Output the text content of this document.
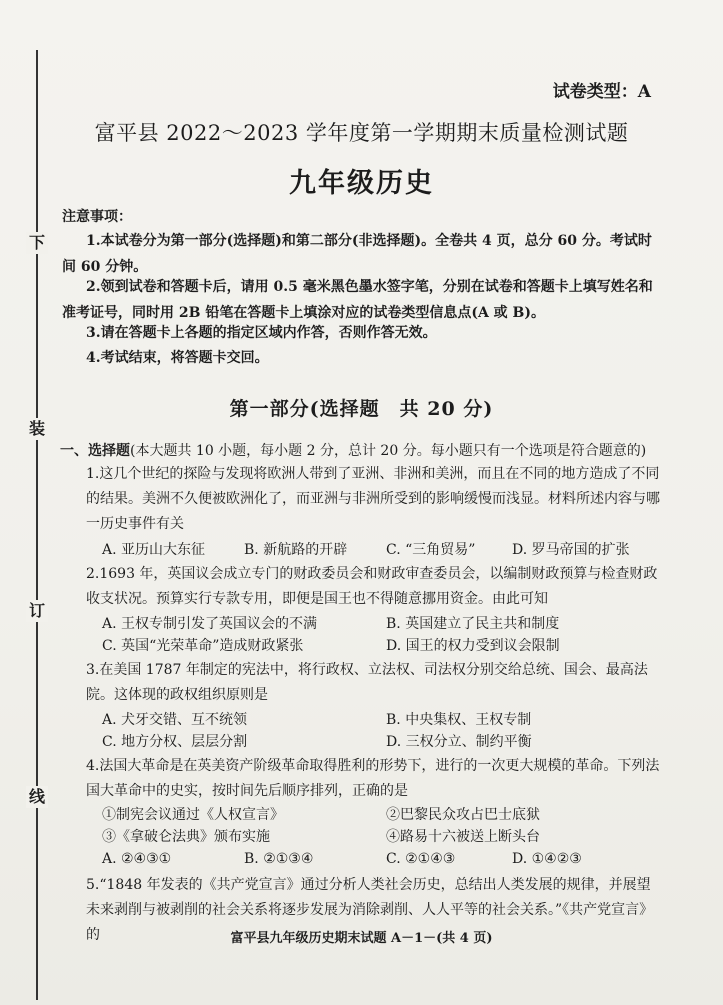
下
装
订
线
试卷类型：A
富平县 2022～2023 学年度第一学期期末质量检测试题
九年级历史
注意事项：
1.本试卷分为第一部分(选择题)和第二部分(非选择题)。全卷共 4 页，总分 60 分。考试时间 60 分钟。
2.领到试卷和答题卡后，请用 0.5 毫米黑色墨水签字笔，分别在试卷和答题卡上填写姓名和准考证号，同时用 2B 铅笔在答题卡上填涂对应的试卷类型信息点(A 或 B)。
3.请在答题卡上各题的指定区域内作答，否则作答无效。
4.考试结束，将答题卡交回。
第一部分(选择题　共 20 分)
一、选择题(本大题共 10 小题，每小题 2 分，总计 20 分。每小题只有一个选项是符合题意的)
1.这几个世纪的探险与发现将欧洲人带到了亚洲、非洲和美洲，而且在不同的地方造成了不同的结果。美洲不久便被欧洲化了，而亚洲与非洲所受到的影响缓慢而浅显。材料所述内容与哪一历史事件有关
A. 亚历山大东征	B. 新航路的开辟	C. “三角贸易”	D. 罗马帝国的扩张
2.1693 年，英国议会成立专门的财政委员会和财政审查委员会，以编制财政预算与检查财政收支状况。预算实行专款专用，即便是国王也不得随意挪用资金。由此可知
A. 王权专制引发了英国议会的不满	B. 英国建立了民主共和制度
C. 英国“光荣革命”造成财政紧张	D. 国王的权力受到议会限制
3.在美国 1787 年制定的宪法中，将行政权、立法权、司法权分别交给总统、国会、最高法院。这体现的政权组织原则是
A. 犬牙交错、互不统领	B. 中央集权、王权专制
C. 地方分权、层层分割	D. 三权分立、制约平衡
4.法国大革命是在英美资产阶级革命取得胜利的形势下，进行的一次更大规模的革命。下列法国大革命中的史实，按时间先后顺序排列，正确的是
①制宪会议通过《人权宣言》	②巴黎民众攻占巴士底狱
③《拿破仑法典》颁布实施	④路易十六被送上断头台
A. ②④③①	B. ②①③④	C. ②①④③	D. ①④②③
5.“1848 年发表的《共产党宣言》通过分析人类社会历史，总结出人类发展的规律，并展望未来剥削与被剥削的社会关系将逐步发展为消除剥削、人人平等的社会关系。”《共产党宣言》的	富平县九年级历史期末试题 A－1－(共 4 页)
